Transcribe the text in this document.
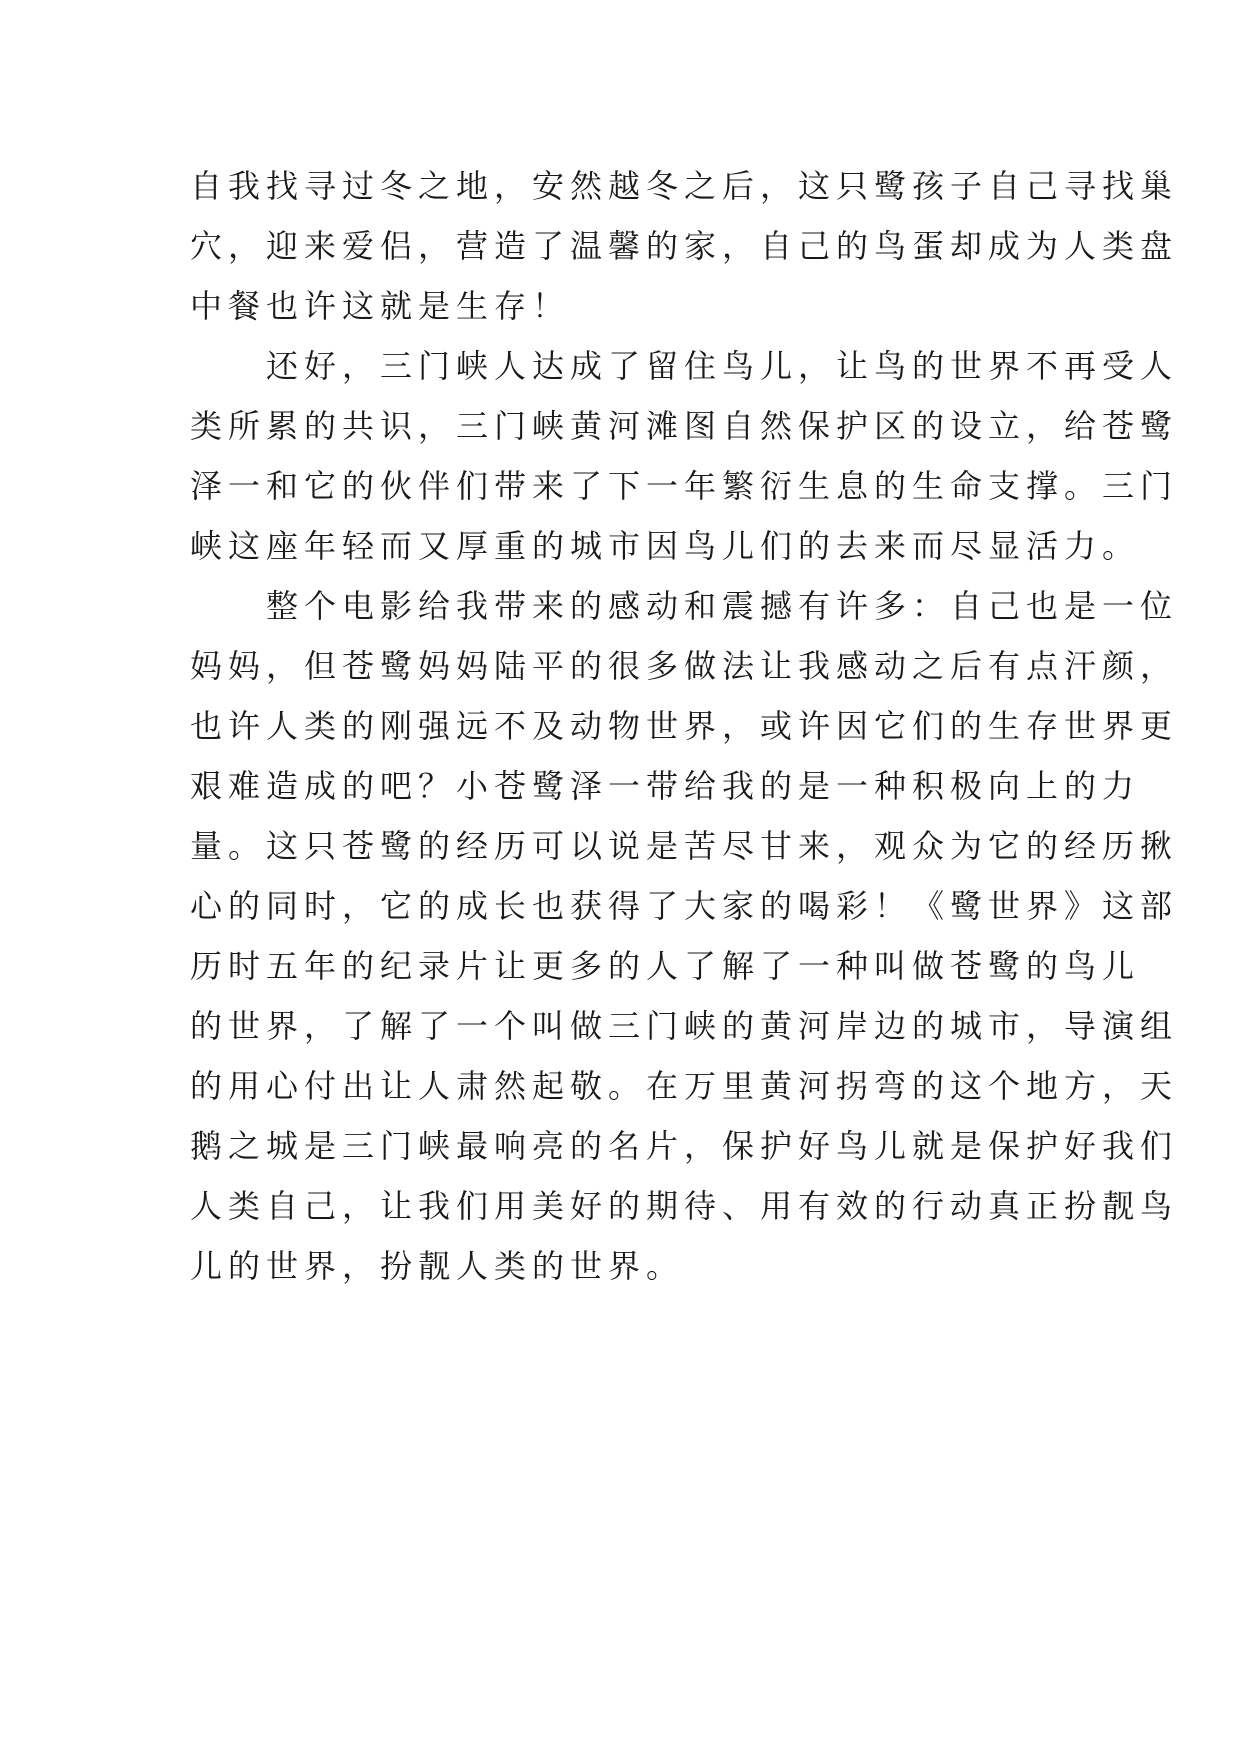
自我找寻过冬之地，安然越冬之后，这只鹭孩子自己寻找巢
穴，迎来爱侣，营造了温馨的家，自己的鸟蛋却成为人类盘
中餐也许这就是生存！
还好，三门峡人达成了留住鸟儿，让鸟的世界不再受人
类所累的共识，三门峡黄河滩图自然保护区的设立，给苍鹭
泽一和它的伙伴们带来了下一年繁衍生息的生命支撑。三门
峡这座年轻而又厚重的城市因鸟儿们的去来而尽显活力。
整个电影给我带来的感动和震撼有许多：自己也是一位
妈妈，但苍鹭妈妈陆平的很多做法让我感动之后有点汗颜，
也许人类的刚强远不及动物世界，或许因它们的生存世界更
艰难造成的吧？小苍鹭泽一带给我的是一种积极向上的力
量。这只苍鹭的经历可以说是苦尽甘来，观众为它的经历揪
心的同时，它的成长也获得了大家的喝彩！《鹭世界》这部
历时五年的纪录片让更多的人了解了一种叫做苍鹭的鸟儿
的世界，了解了一个叫做三门峡的黄河岸边的城市，导演组
的用心付出让人肃然起敬。在万里黄河拐弯的这个地方，天
鹅之城是三门峡最响亮的名片，保护好鸟儿就是保护好我们
人类自己，让我们用美好的期待、用有效的行动真正扮靓鸟
儿的世界，扮靓人类的世界。
